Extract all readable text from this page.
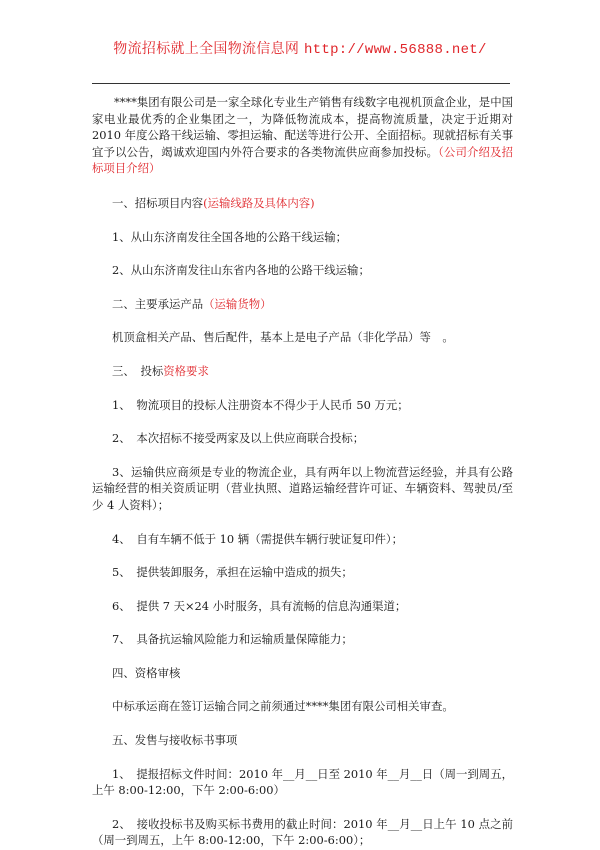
物流招标就上全国物流信息网 http://www.56888.net/

****集团有限公司是一家全球化专业生产销售有线数字电视机顶盒企业，是中国家电业最优秀的企业集团之一，为降低物流成本，提高物流质量，决定于近期对 2010 年度公路干线运输、零担运输、配送等进行公开、全面招标。现就招标有关事宜予以公告，竭诚欢迎国内外符合要求的各类物流供应商参加投标。（公司介绍及招标项目介绍）

一、招标项目内容(运输线路及具体内容)

1、从山东济南发往全国各地的公路干线运输；

2、从山东济南发往山东省内各地的公路干线运输；

二、主要承运产品（运输货物）

机顶盒相关产品、售后配件，基本上是电子产品（非化学品）等　。

三、　投标资格要求

1、　物流项目的投标人注册资本不得少于人民币 50 万元；

2、　本次招标不接受两家及以上供应商联合投标；

3、运输供应商须是专业的物流企业，具有两年以上物流营运经验，并具有公路运输经营的相关资质证明（营业执照、道路运输经营许可证、车辆资料、驾驶员/至少 4 人资料）；

4、　自有车辆不低于 10 辆（需提供车辆行驶证复印件）；

5、　提供装卸服务，承担在运输中造成的损失；

6、　提供 7 天×24 小时服务，具有流畅的信息沟通渠道；

7、　具备抗运输风险能力和运输质量保障能力；

四、资格审核

中标承运商在签订运输合同之前须通过****集团有限公司相关审查。

五、发售与接收标书事项

1、　提报招标文件时间：2010 年__月__日至 2010 年__月__日（周一到周五，上午 8:00-12:00，下午 2:00-6:00）

2、　接收投标书及购买标书费用的截止时间：2010 年__月__日上午 10 点之前（周一到周五，上午 8:00-12:00，下午 2:00-6:00）；
